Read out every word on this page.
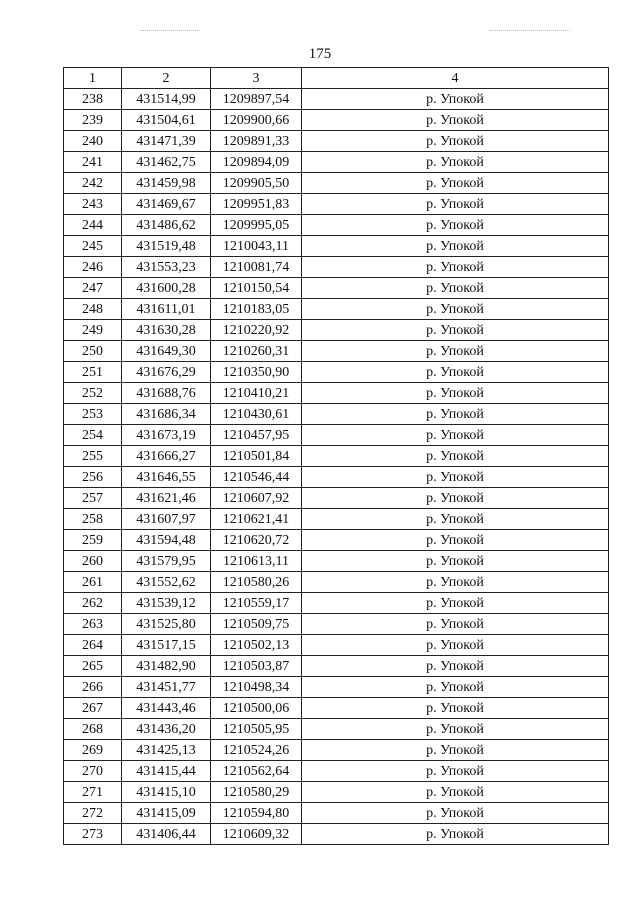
175
1	2	3	4
238	431514,99	1209897,54	р. Упокой
239	431504,61	1209900,66	р. Упокой
240	431471,39	1209891,33	р. Упокой
241	431462,75	1209894,09	р. Упокой
242	431459,98	1209905,50	р. Упокой
243	431469,67	1209951,83	р. Упокой
244	431486,62	1209995,05	р. Упокой
245	431519,48	1210043,11	р. Упокой
246	431553,23	1210081,74	р. Упокой
247	431600,28	1210150,54	р. Упокой
248	431611,01	1210183,05	р. Упокой
249	431630,28	1210220,92	р. Упокой
250	431649,30	1210260,31	р. Упокой
251	431676,29	1210350,90	р. Упокой
252	431688,76	1210410,21	р. Упокой
253	431686,34	1210430,61	р. Упокой
254	431673,19	1210457,95	р. Упокой
255	431666,27	1210501,84	р. Упокой
256	431646,55	1210546,44	р. Упокой
257	431621,46	1210607,92	р. Упокой
258	431607,97	1210621,41	р. Упокой
259	431594,48	1210620,72	р. Упокой
260	431579,95	1210613,11	р. Упокой
261	431552,62	1210580,26	р. Упокой
262	431539,12	1210559,17	р. Упокой
263	431525,80	1210509,75	р. Упокой
264	431517,15	1210502,13	р. Упокой
265	431482,90	1210503,87	р. Упокой
266	431451,77	1210498,34	р. Упокой
267	431443,46	1210500,06	р. Упокой
268	431436,20	1210505,95	р. Упокой
269	431425,13	1210524,26	р. Упокой
270	431415,44	1210562,64	р. Упокой
271	431415,10	1210580,29	р. Упокой
272	431415,09	1210594,80	р. Упокой
273	431406,44	1210609,32	р. Упокой
